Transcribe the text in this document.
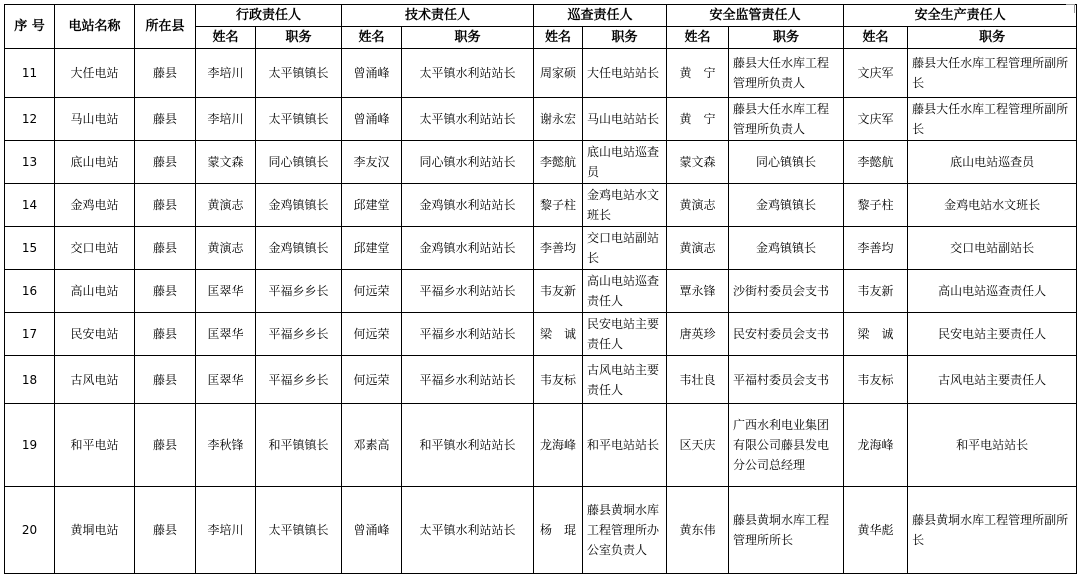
序 号	电站名称	所在县	行政责任人		技术责任人		巡查责任人		安全监管责任人		安全生产责任人	
			姓名	职务	姓名	职务	姓名	职务	姓名	职务	姓名	职务
11	大任电站	藤县	李培川	太平镇镇长	曾涌峰	太平镇水利站站长	周家硕	大任电站站长	黄　宁	藤县大任水库工程管理所负责人	文庆军	藤县大任水库工程管理所副所长
12	马山电站	藤县	李培川	太平镇镇长	曾涌峰	太平镇水利站站长	谢永宏	马山电站站长	黄　宁	藤县大任水库工程管理所负责人	文庆军	藤县大任水库工程管理所副所长
13	底山电站	藤县	蒙文森	同心镇镇长	李友汉	同心镇水利站站长	李懿航	底山电站巡查员	蒙文森	同心镇镇长	李懿航	底山电站巡查员
14	金鸡电站	藤县	黄演志	金鸡镇镇长	邱建堂	金鸡镇水利站站长	黎子柱	金鸡电站水文班长	黄演志	金鸡镇镇长	黎子柱	金鸡电站水文班长
15	交口电站	藤县	黄演志	金鸡镇镇长	邱建堂	金鸡镇水利站站长	李善均	交口电站副站长	黄演志	金鸡镇镇长	李善均	交口电站副站长
16	高山电站	藤县	匡翠华	平福乡乡长	何远荣	平福乡水利站站长	韦友新	高山电站巡查责任人	覃永锋	沙街村委员会支书	韦友新	高山电站巡查责任人
17	民安电站	藤县	匡翠华	平福乡乡长	何远荣	平福乡水利站站长	梁　诚	民安电站主要责任人	唐英珍	民安村委员会支书	梁　诚	民安电站主要责任人
18	古风电站	藤县	匡翠华	平福乡乡长	何远荣	平福乡水利站站长	韦友标	古风电站主要责任人	韦壮良	平福村委员会支书	韦友标	古风电站主要责任人
19	和平电站	藤县	李秋锋	和平镇镇长	邓素高	和平镇水利站站长	龙海峰	和平电站站长	区天庆	广西水利电业集团有限公司藤县发电分公司总经理	龙海峰	和平电站站长
20	黄垌电站	藤县	李培川	太平镇镇长	曾涌峰	太平镇水利站站长	杨　琨	藤县黄垌水库工程管理所办公室负责人	黄东伟	藤县黄垌水库工程管理所所长	黄华彪	藤县黄垌水库工程管理所副所长
